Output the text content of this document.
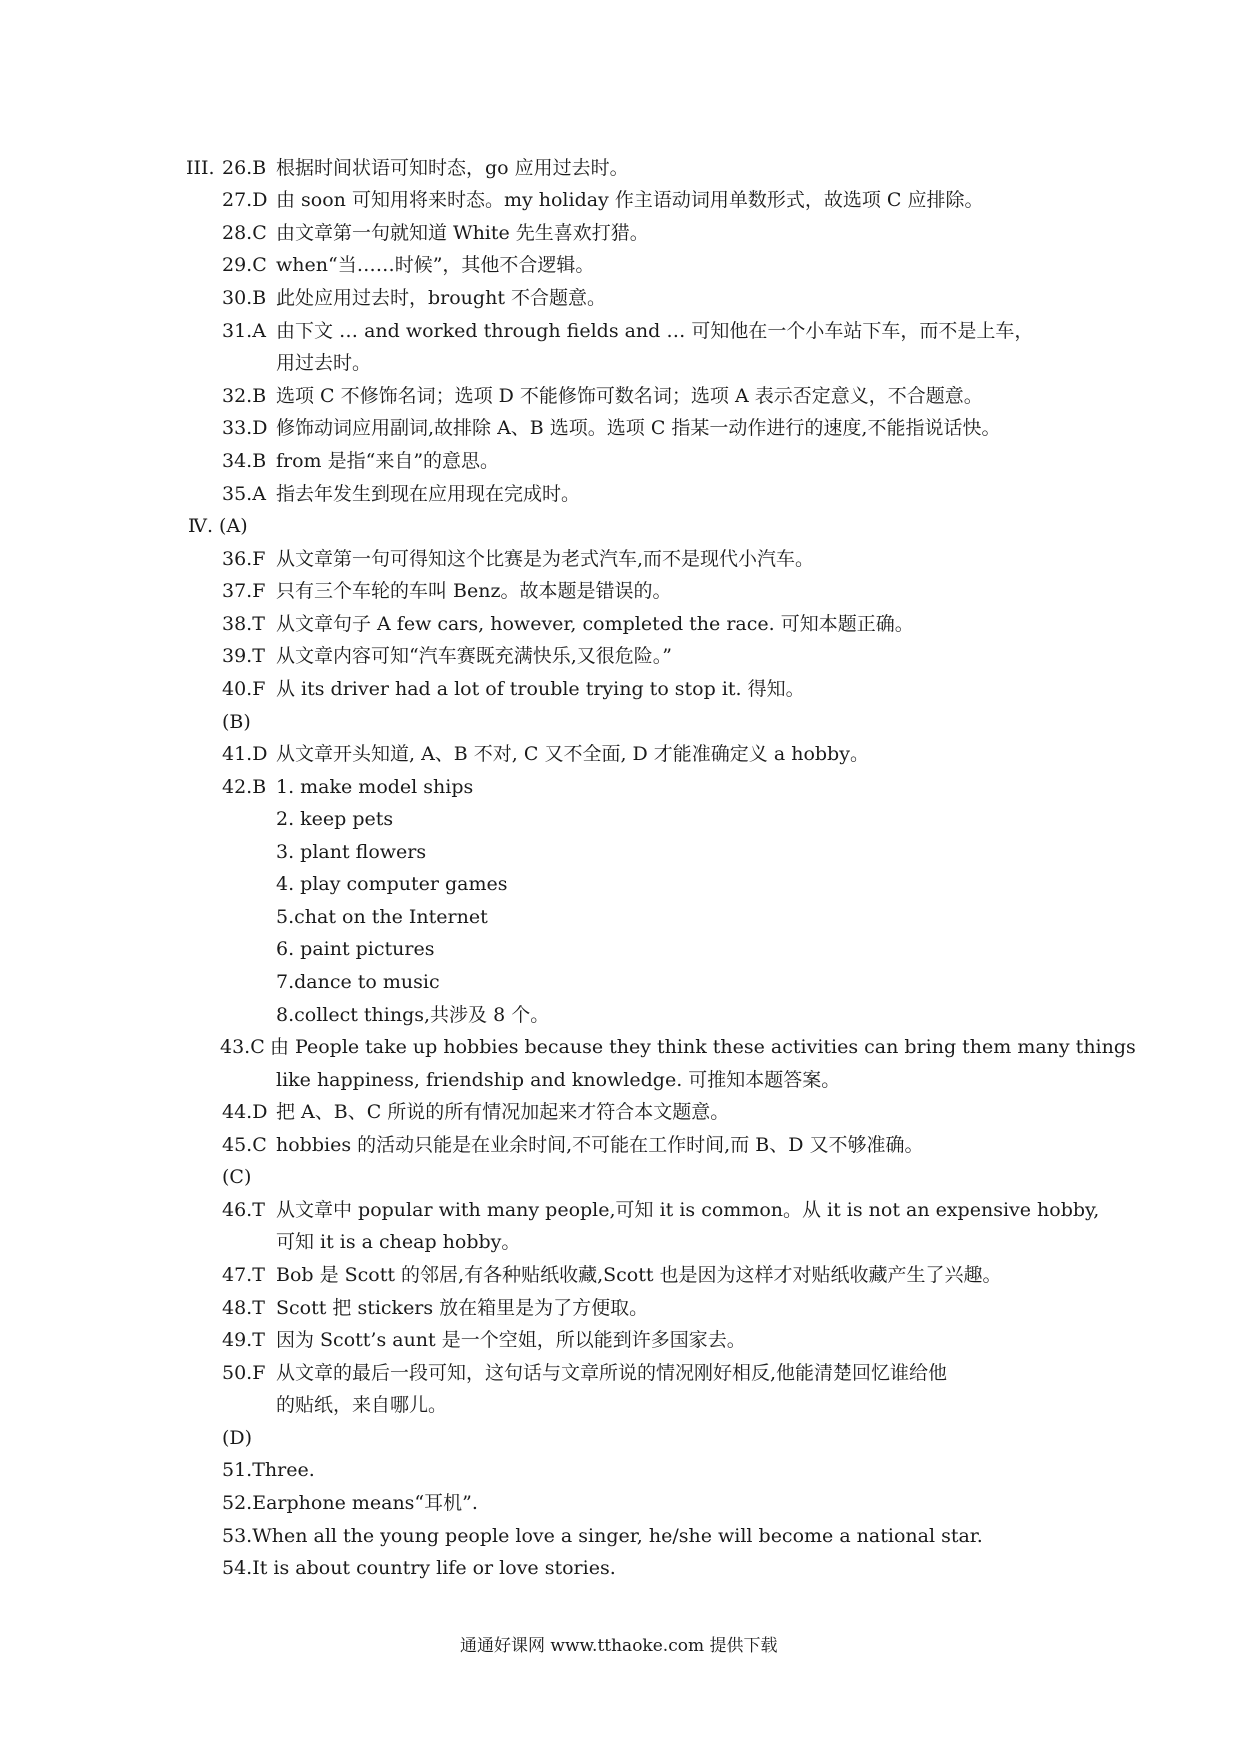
III. 26.B 根据时间状语可知时态，go 应用过去时。
27.D 由 soon 可知用将来时态。my holiday 作主语动词用单数形式，故选项 C 应排除。
28.C 由文章第一句就知道 White 先生喜欢打猎。
29.C when“当……时候”，其他不合逻辑。
30.B 此处应用过去时，brought 不合题意。
31.A 由下文 … and worked through fields and … 可知他在一个小车站下车，而不是上车，
用过去时。
32.B 选项 C 不修饰名词；选项 D 不能修饰可数名词；选项 A 表示否定意义，不合题意。
33.D 修饰动词应用副词,故排除 A、B 选项。选项 C 指某一动作进行的速度,不能指说话快。
34.B from 是指“来自”的意思。
35.A 指去年发生到现在应用现在完成时。
Ⅳ. (A)
36.F 从文章第一句可得知这个比赛是为老式汽车,而不是现代小汽车。
37.F 只有三个车轮的车叫 Benz。故本题是错误的。
38.T 从文章句子 A few cars, however, completed the race. 可知本题正确。
39.T 从文章内容可知“汽车赛既充满快乐,又很危险。”
40.F 从 its driver had a lot of trouble trying to stop it. 得知。
(B)
41.D 从文章开头知道, A、B 不对, C 又不全面, D 才能准确定义 a hobby。
42.B 1. make model ships
2. keep pets
3. plant flowers
4. play computer games
5.chat on the Internet
6. paint pictures
7.dance to music
8.collect things,共涉及 8 个。
43.C 由 People take up hobbies because they think these activities can bring them many things
like happiness, friendship and knowledge. 可推知本题答案。
44.D 把 A、B、C 所说的所有情况加起来才符合本文题意。
45.C hobbies 的活动只能是在业余时间,不可能在工作时间,而 B、D 又不够准确。
(C)
46.T 从文章中 popular with many people,可知 it is common。从 it is not an expensive hobby,
可知 it is a cheap hobby。
47.T Bob 是 Scott 的邻居,有各种贴纸收藏,Scott 也是因为这样才对贴纸收藏产生了兴趣。
48.T Scott 把 stickers 放在箱里是为了方便取。
49.T 因为 Scott’s aunt 是一个空姐，所以能到许多国家去。
50.F 从文章的最后一段可知，这句话与文章所说的情况刚好相反,他能清楚回忆谁给他
的贴纸，来自哪儿。
(D)
51.Three.
52.Earphone means“耳机”.
53.When all the young people love a singer, he/she will become a national star.
54.It is about country life or love stories.
通通好课网 www.tthaoke.com 提供下载
